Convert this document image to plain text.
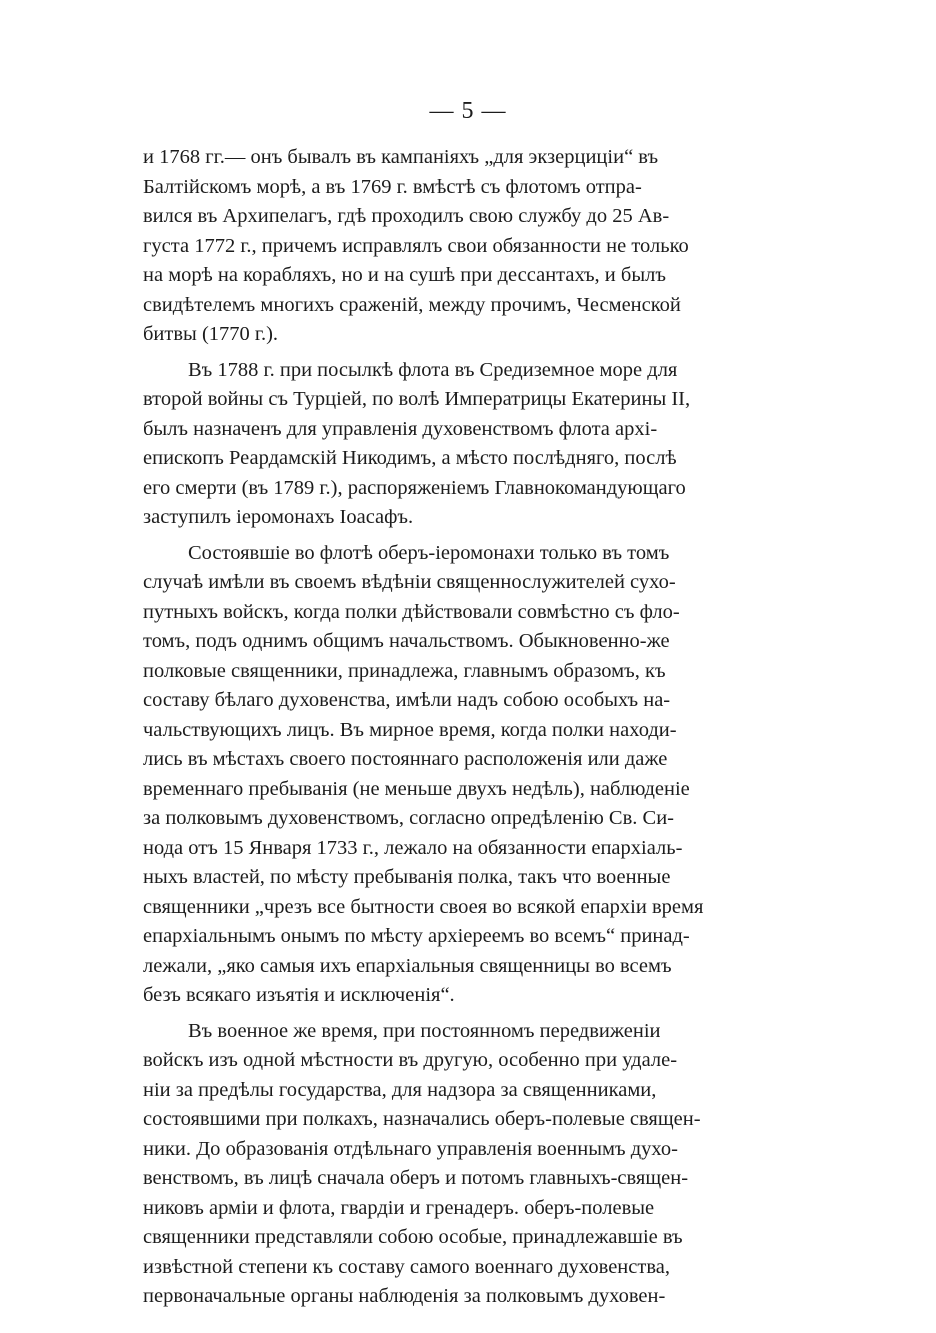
— 5 —
и 1768 гг.— онъ бывалъ въ кампаніяхъ „для экзерциціи“ въ
Балтійскомъ морѣ, а въ 1769 г. вмѣстѣ съ флотомъ отпра-
вился въ Архипелагъ, гдѣ проходилъ свою службу до 25 Ав-
густа 1772 г., причемъ исправлялъ свои обязанности не только
на морѣ на корабляхъ, но и на сушѣ при дессантахъ, и былъ
свидѣтелемъ многихъ сраженій, между прочимъ, Чесменской
битвы (1770 г.).
Въ 1788 г. при посылкѣ флота въ Средиземное море для
второй войны съ Турціей, по волѣ Императрицы Екатерины II,
былъ назначенъ для управленія духовенствомъ флота архі-
епископъ Реардамскій Никодимъ, а мѣсто послѣдняго, послѣ
его смерти (въ 1789 г.), распоряженіемъ Главнокомандующаго
заступилъ іеромонахъ Іоасафъ.
Состоявшіе во флотѣ оберъ-іеромонахи только въ томъ
случаѣ имѣли въ своемъ вѣдѣніи священнослужителей сухо-
путныхъ войскъ, когда полки дѣйствовали совмѣстно съ фло-
томъ, подъ однимъ общимъ начальствомъ. Обыкновенно-же
полковые священники, принадлежа, главнымъ образомъ, къ
составу бѣлаго духовенства, имѣли надъ собою особыхъ на-
чальствующихъ лицъ. Въ мирное время, когда полки находи-
лись въ мѣстахъ своего постояннаго расположенія или даже
временнаго пребыванія (не меньше двухъ недѣль), наблюденіе
за полковымъ духовенствомъ, согласно опредѣленію Св. Си-
нода отъ 15 Января 1733 г., лежало на обязанности епархіаль-
ныхъ властей, по мѣсту пребыванія полка, такъ что военные
священники „чрезъ все бытности своея во всякой епархіи время
епархіальнымъ онымъ по мѣсту архіереемъ во всемъ“ принад-
лежали, „яко самыя ихъ епархіальныя священницы во всемъ
безъ всякаго изъятія и исключенія“.
Въ военное же время, при постоянномъ передвиженіи
войскъ изъ одной мѣстности въ другую, особенно при удале-
ніи за предѣлы государства, для надзора за священниками,
состоявшими при полкахъ, назначались оберъ-полевые священ-
ники. До образованія отдѣльнаго управленія военнымъ духо-
венствомъ, въ лицѣ сначала оберъ и потомъ главныхъ-священ-
никовъ арміи и флота, гвардіи и гренадеръ. оберъ-полевые
священники представляли собою особые, принадлежавшіе въ
извѣстной степени къ составу самого военнаго духовенства,
первоначальные органы наблюденія за полковымъ духовен-
